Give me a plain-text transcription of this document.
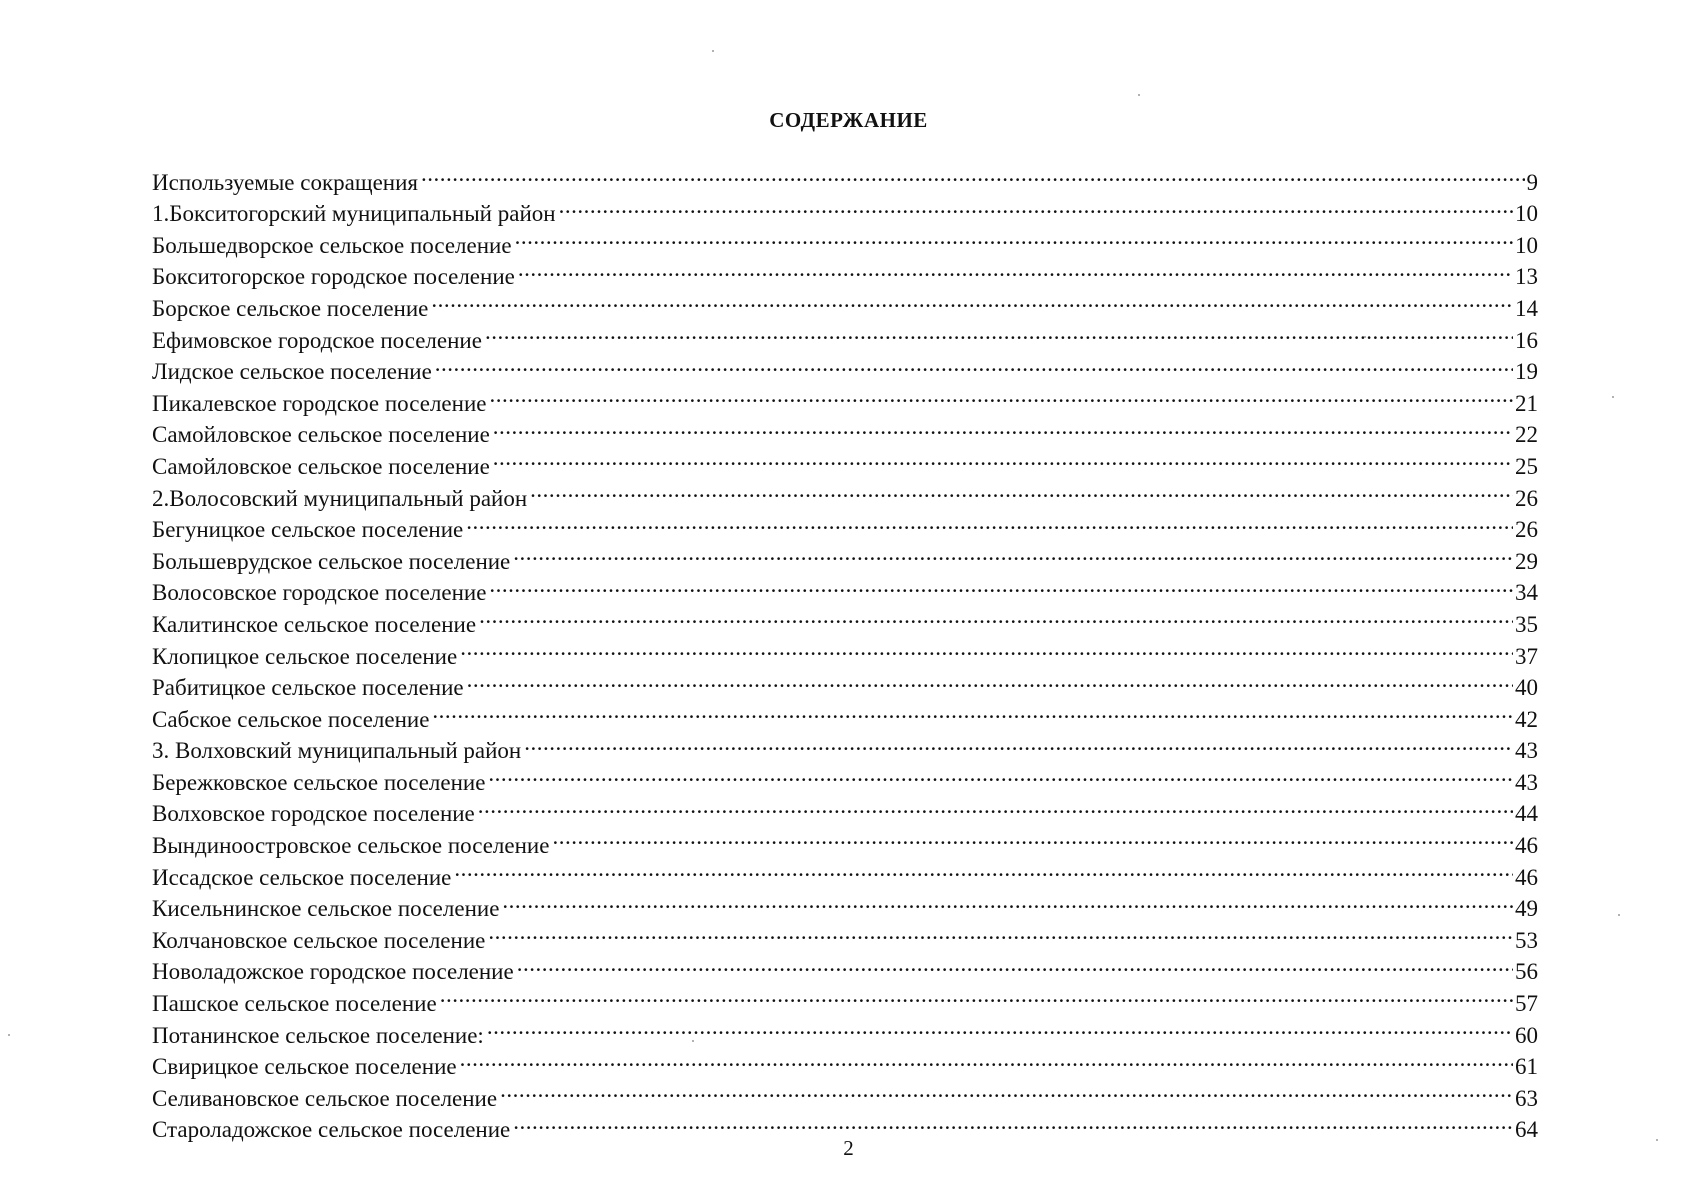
СОДЕРЖАНИЕ
Используемые сокращения .....	9
1.Бокситогорский муниципальный район .....	10
Большедворское сельское поселение .....	10
Бокситогорское городское поселение .....	13
Борское сельское поселение .....	14
Ефимовское городское поселение .....	16
Лидское сельское поселение .....	19
Пикалевское городское поселение .....	21
Самойловское сельское поселение .....	22
Самойловское сельское поселение .....	25
2.Волосовский муниципальный район .....	26
Бегуницкое сельское поселение .....	26
Большеврудское сельское поселение .....	29
Волосовское городское поселение .....	34
Калитинское сельское поселение .....	35
Клопицкое сельское поселение .....	37
Рабитицкое сельское поселение .....	40
Сабское сельское поселение .....	42
3. Волховский муниципальный район .....	43
Бережковское сельское поселение .....	43
Волховское городское поселение .....	44
Вындиноостровское сельское поселение .....	46
Иссадское сельское поселение .....	46
Кисельнинское сельское поселение .....	49
Колчановское сельское поселение .....	53
Новоладожское городское поселение .....	56
Пашское сельское поселение .....	57
Потанинское сельское поселение: .....	60
Свирицкое сельское поселение .....	61
Селивановское сельское поселение .....	63
Староладожское сельское поселение .....	64
2
